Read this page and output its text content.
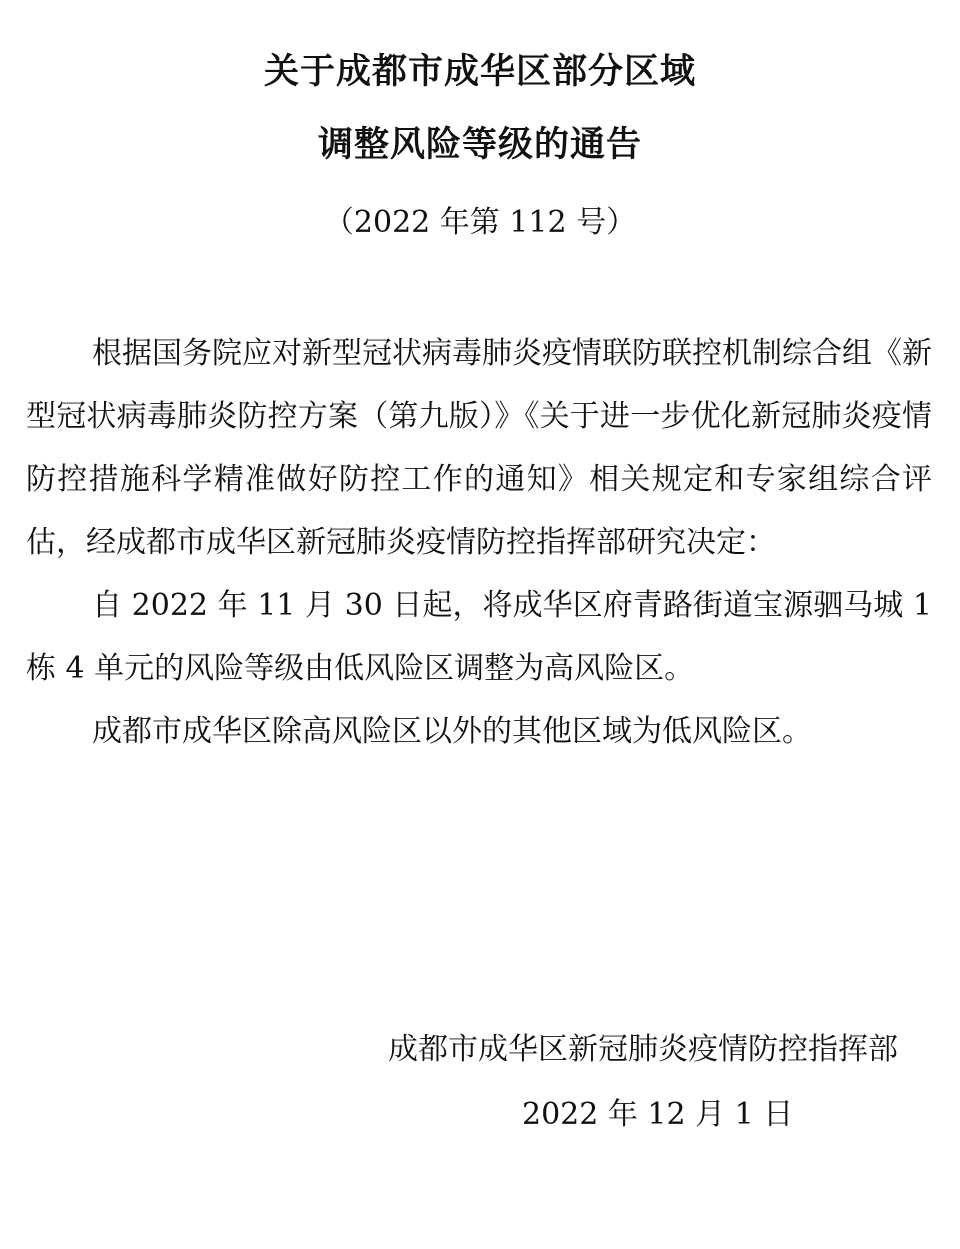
关于成都市成华区部分区域
调整风险等级的通告
（2022 年第 112 号）

根据国务院应对新型冠状病毒肺炎疫情联防联控机制综合组《新型冠状病毒肺炎防控方案（第九版）》《关于进一步优化新冠肺炎疫情防控措施科学精准做好防控工作的通知》相关规定和专家组综合评估，经成都市成华区新冠肺炎疫情防控指挥部研究决定：

自 2022 年 11 月 30 日起，将成华区府青路街道宝源驷马城 1 栋 4 单元的风险等级由低风险区调整为高风险区。

成都市成华区除高风险区以外的其他区域为低风险区。

成都市成华区新冠肺炎疫情防控指挥部
2022 年 12 月 1 日
